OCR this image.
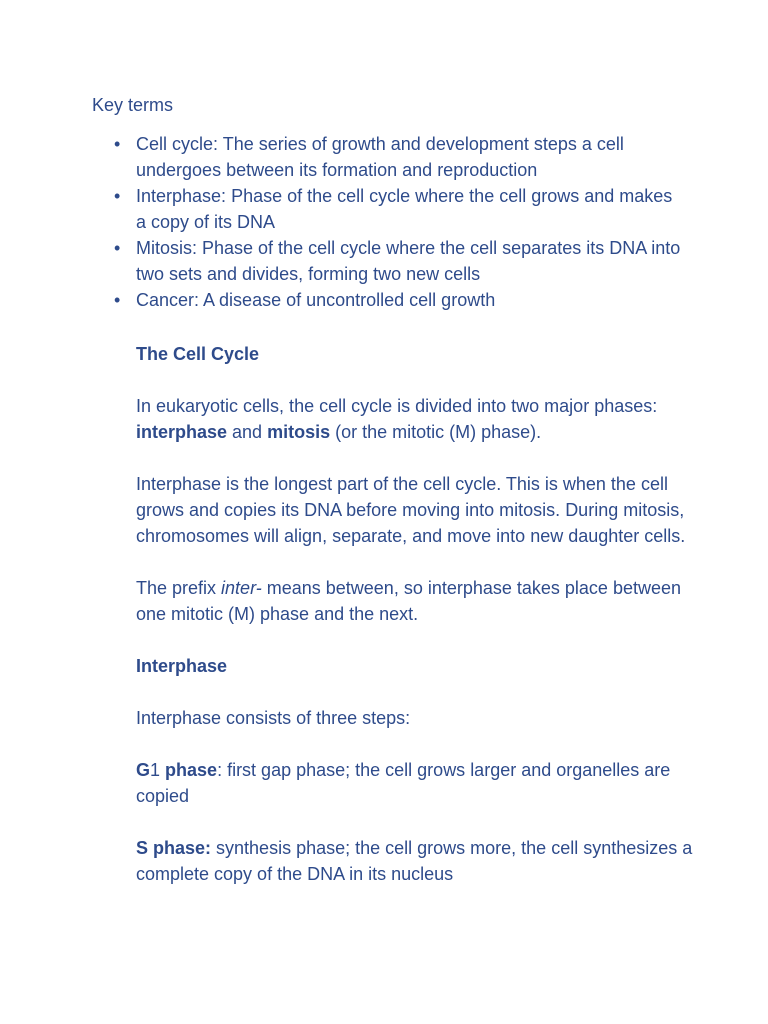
Key terms
• Cell cycle: The series of growth and development steps a cell undergoes between its formation and reproduction
• Interphase: Phase of the cell cycle where the cell grows and makes a copy of its DNA
• Mitosis: Phase of the cell cycle where the cell separates its DNA into two sets and divides, forming two new cells
• Cancer: A disease of uncontrolled cell growth
The Cell Cycle

In eukaryotic cells, the cell cycle is divided into two major phases: interphase and mitosis (or the mitotic (M) phase).

Interphase is the longest part of the cell cycle. This is when the cell grows and copies its DNA before moving into mitosis. During mitosis, chromosomes will align, separate, and move into new daughter cells.

The prefix inter- means between, so interphase takes place between one mitotic (M) phase and the next.

Interphase

Interphase consists of three steps:

G1 phase: first gap phase; the cell grows larger and organelles are copied

S phase: synthesis phase; the cell grows more, the cell synthesizes a complete copy of the DNA in its nucleus
